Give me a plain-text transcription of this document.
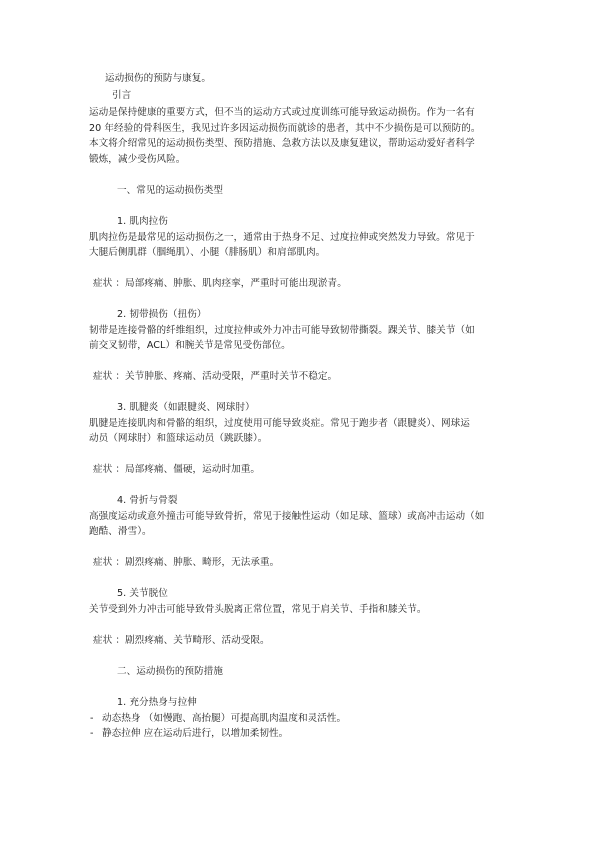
运动损伤的预防与康复。
引言
运动是保持健康的重要方式，但不当的运动方式或过度训练可能导致运动损伤。作为一名有
20 年经验的骨科医生，我见过许多因运动损伤而就诊的患者，其中不少损伤是可以预防的。
本文将介绍常见的运动损伤类型、预防措施、急救方法以及康复建议，帮助运动爱好者科学
锻炼，减少受伤风险。
一、常见的运动损伤类型
1. 肌肉拉伤
肌肉拉伤是最常见的运动损伤之一，通常由于热身不足、过度拉伸或突然发力导致。常见于
大腿后侧肌群（腘绳肌）、小腿（腓肠肌）和肩部肌肉。
症状 ：局部疼痛、肿胀、肌肉痉挛，严重时可能出现淤青。
2. 韧带损伤（扭伤）
韧带是连接骨骼的纤维组织，过度拉伸或外力冲击可能导致韧带撕裂。踝关节、膝关节（如
前交叉韧带，ACL）和腕关节是常见受伤部位。
症状 ：关节肿胀、疼痛、活动受限，严重时关节不稳定。
3. 肌腱炎（如跟腱炎、网球肘）
肌腱是连接肌肉和骨骼的组织，过度使用可能导致炎症。常见于跑步者（跟腱炎）、网球运
动员（网球肘）和篮球运动员（跳跃膝）。
症状 ：局部疼痛、僵硬，运动时加重。
4. 骨折与骨裂
高强度运动或意外撞击可能导致骨折，常见于接触性运动（如足球、篮球）或高冲击运动（如
跑酷、滑雪）。
症状 ：剧烈疼痛、肿胀、畸形，无法承重。
5. 关节脱位
关节受到外力冲击可能导致骨头脱离正常位置，常见于肩关节、手指和膝关节。
症状 ：剧烈疼痛、关节畸形、活动受限。
二、运动损伤的预防措施
1. 充分热身与拉伸
- 动态热身 （如慢跑、高抬腿）可提高肌肉温度和灵活性。
- 静态拉伸 应在运动后进行，以增加柔韧性。
